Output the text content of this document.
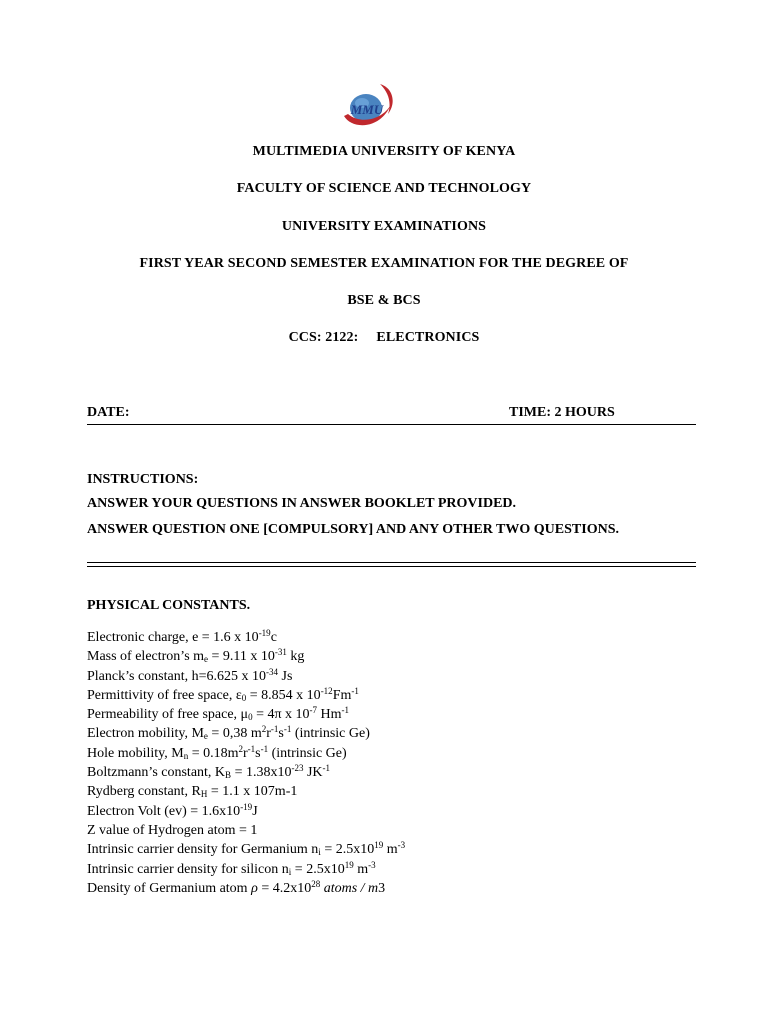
MMU
MULTIMEDIA UNIVERSITY OF KENYA
FACULTY OF SCIENCE AND TECHNOLOGY
UNIVERSITY EXAMINATIONS
FIRST YEAR SECOND SEMESTER EXAMINATION FOR THE DEGREE OF
BSE & BCS
CCS: 2122:     ELECTRONICS
DATE:	TIME: 2 HOURS
INSTRUCTIONS:
ANSWER YOUR QUESTIONS IN ANSWER BOOKLET PROVIDED.
ANSWER QUESTION ONE [COMPULSORY] AND ANY OTHER TWO QUESTIONS.
PHYSICAL CONSTANTS.
Electronic charge, e = 1.6 x $10^{-19}c$
Mass of electron’s $m_e = 9.11$ x $10^{-31}$ kg
Planck’s constant, h=6.625 x $10^{-34}$ Js
Permittivity of free space, $\varepsilon_0 = 8.854$ x $10^{-12}Fm^{-1}$
Permeability of free space, $\mu_0 = 4\pi$ x $10^{-7}$ $Hm^{-1}$
Electron mobility, $M_e = 0,38$ $m^2r^{-1}s^{-1}$ (intrinsic Ge)
Hole mobility, $M_n = 0.18m^2r^{-1}s^{-1}$ (intrinsic Ge)
Boltzmann’s constant, $K_B = 1.38x10^{-23}$ $JK^{-1}$
Rydberg constant, $R_H = 1.1$ x 107m-1
Electron Volt $(ev) = 1.6x10^{-19}J$
Z value of Hydrogen atom = 1
Intrinsic carrier density for Germanium $n_i = 2.5x10^{19}$ $m^{-3}$
Intrinsic carrier density for silicon $n_i = 2.5x10^{19}$ $m^{-3}$
Density of Germanium atom $\rho = 4.2x10^{28}$ atoms / m3
